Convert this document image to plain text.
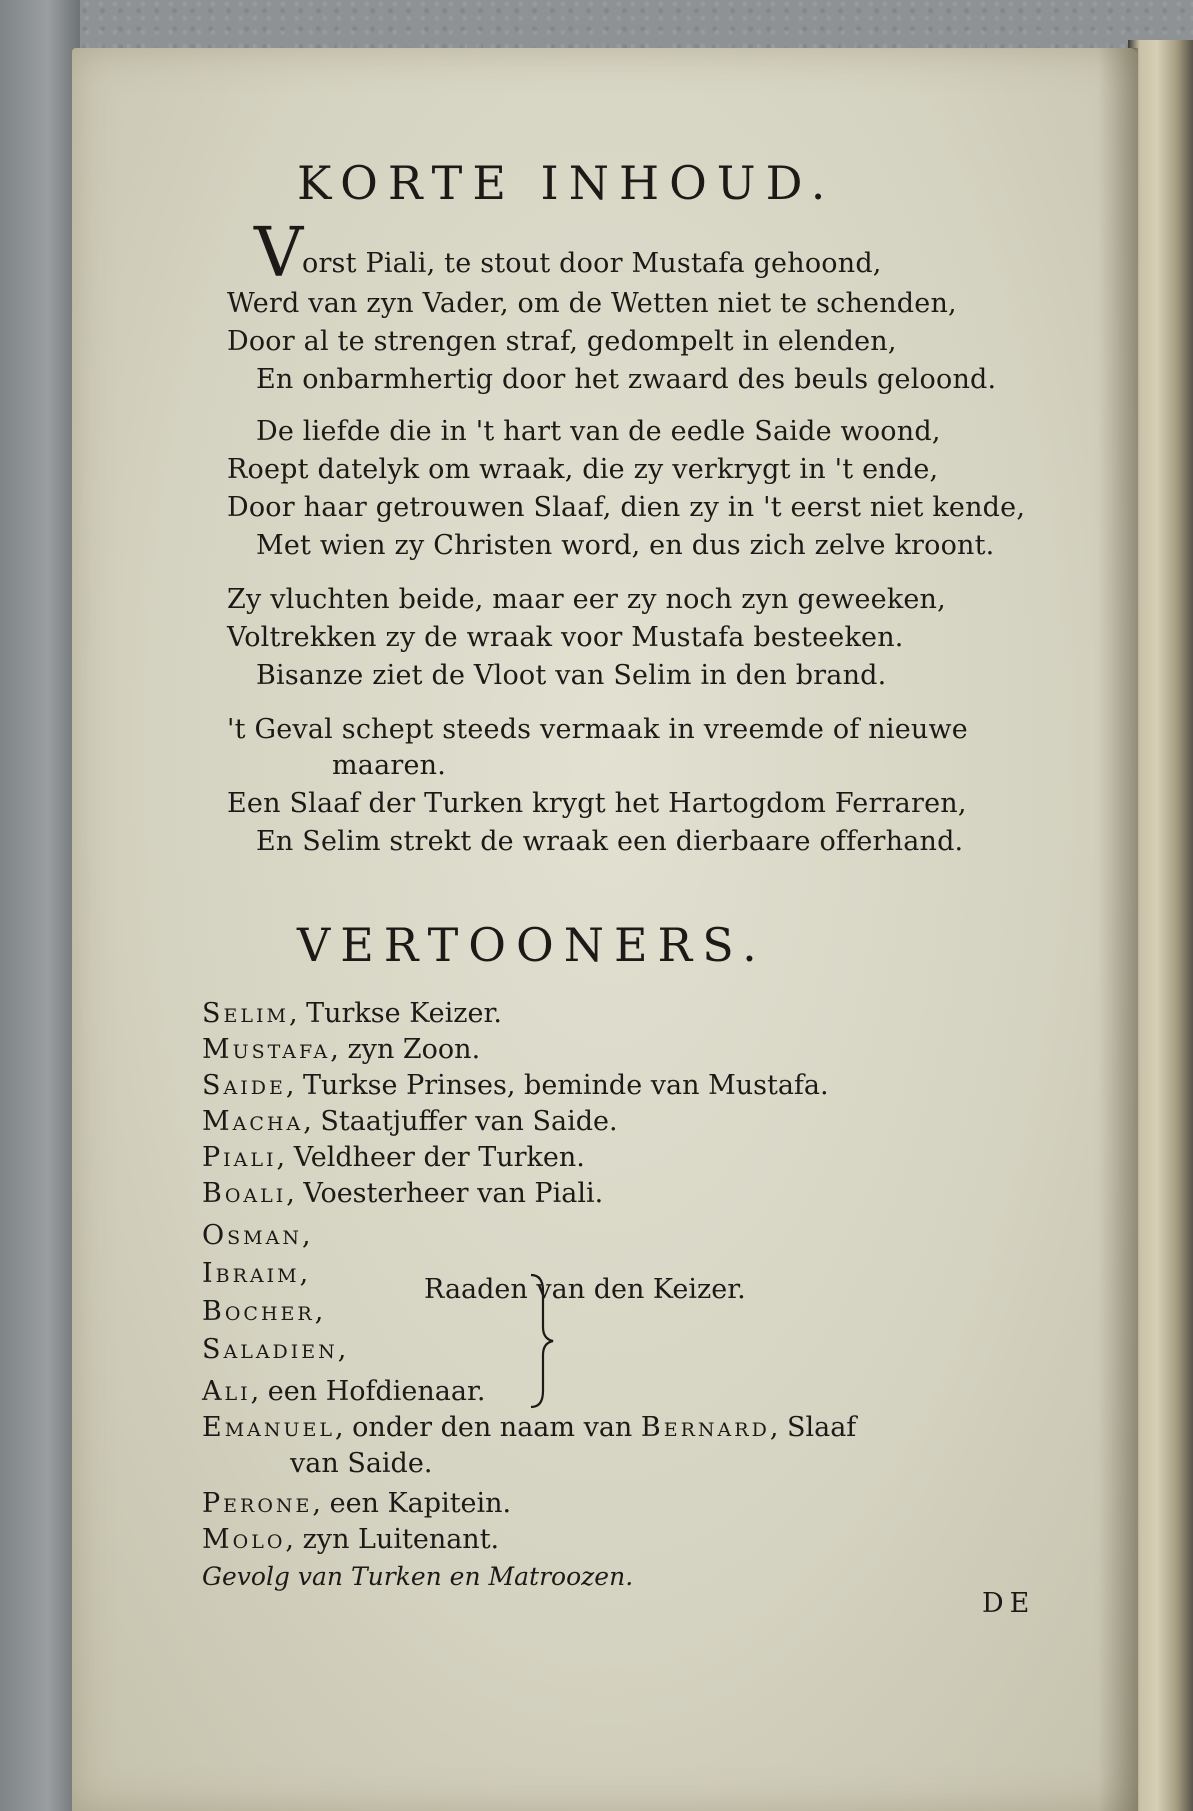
KORTE INHOUD.
V
orst Piali, te stout door Mustafa gehoond,
Werd van zyn Vader, om de Wetten niet te schenden,
Door al te strengen straf, gedompelt in elenden,
En onbarmhertig door het zwaard des beuls geloond.
De liefde die in 't hart van de eedle Saide woond,
Roept datelyk om wraak, die zy verkrygt in 't ende,
Door haar getrouwen Slaaf, dien zy in 't eerst niet kende,
Met wien zy Christen word, en dus zich zelve kroont.
Zy vluchten beide, maar eer zy noch zyn geweeken,
Voltrekken zy de wraak voor Mustafa besteeken.
Bisanze ziet de Vloot van Selim in den brand.
't Geval schept steeds vermaak in vreemde of nieuwe
maaren.
Een Slaaf der Turken krygt het Hartogdom Ferraren,
En Selim strekt de wraak een dierbaare offerhand.
VERTOONERS.
Selim, Turkse Keizer.
Mustafa, zyn Zoon.
Saide, Turkse Prinses, beminde van Mustafa.
Macha, Staatjuffer van Saide.
Piali, Veldheer der Turken.
Boali, Voesterheer van Piali.
Osman,
Ibraim,
Bocher,
Saladien,
Raaden van den Keizer.
Ali, een Hofdienaar.
Emanuel, onder den naam van Bernard, Slaaf
van Saide.
Perone, een Kapitein.
Molo, zyn Luitenant.
Gevolg van Turken en Matroozen.
DE
